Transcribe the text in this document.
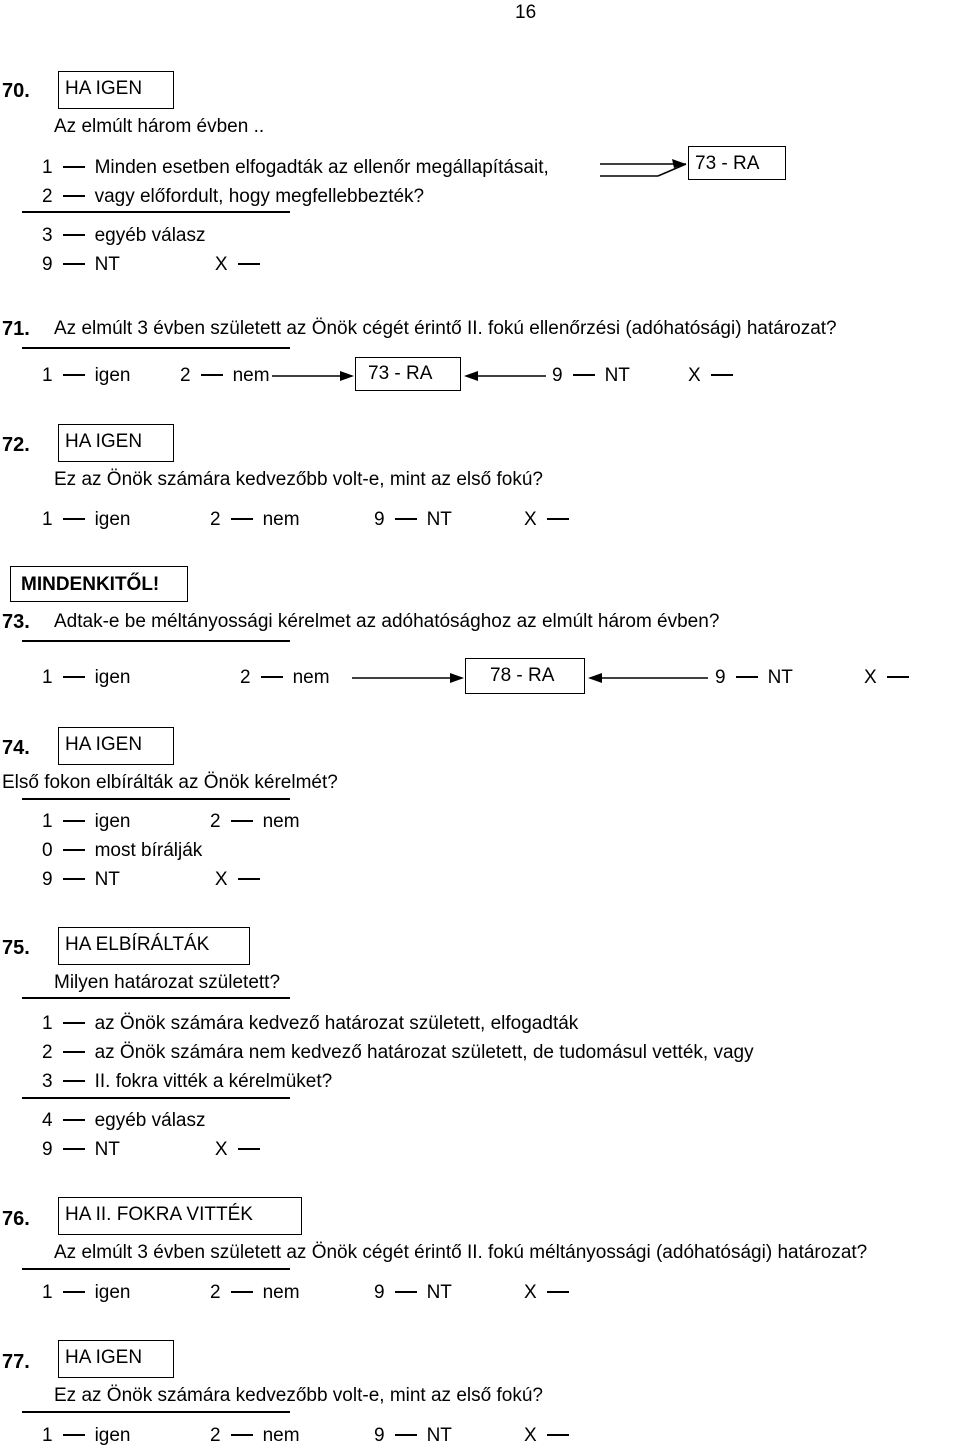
16
70.	HA IGEN
Az elmúlt három évben ..
1 Minden esetben elfogadták az ellenőr megállapításait,
2 vagy előfordult, hogy megfellebbezték?
3 egyéb válasz
9 NT	X
73 - RA
71. Az elmúlt 3 évben született az Önök cégét érintő II. fokú ellenőrzési (adóhatósági) határozat?
1 igen	2 nem	73 - RA	9 NT	X
72.	HA IGEN
Ez az Önök számára kedvezőbb volt-e, mint az első fokú?
1 igen	2 nem	9 NT	X
MINDENKITŐL!
73. Adtak-e be méltányossági kérelmet az adóhatósághoz az elmúlt három évben?
1 igen	2 nem	78 - RA	9 NT	X
74.	HA IGEN
Első fokon elbírálták az Önök kérelmét?
1 igen	2 nem
0 most bírálják
9 NT	X
75.	HA ELBÍRÁLTÁK
Milyen határozat született?
1 az Önök számára kedvező határozat született, elfogadták
2 az Önök számára nem kedvező határozat született, de tudomásul vették, vagy
3 II. fokra vitték a kérelmüket?
4 egyéb válasz
9 NT	X
76.	HA II. FOKRA VITTÉK
Az elmúlt 3 évben született az Önök cégét érintő II. fokú méltányossági (adóhatósági) határozat?
1 igen	2 nem	9 NT	X
77.	HA IGEN
Ez az Önök számára kedvezőbb volt-e, mint az első fokú?
1 igen	2 nem	9 NT	X
